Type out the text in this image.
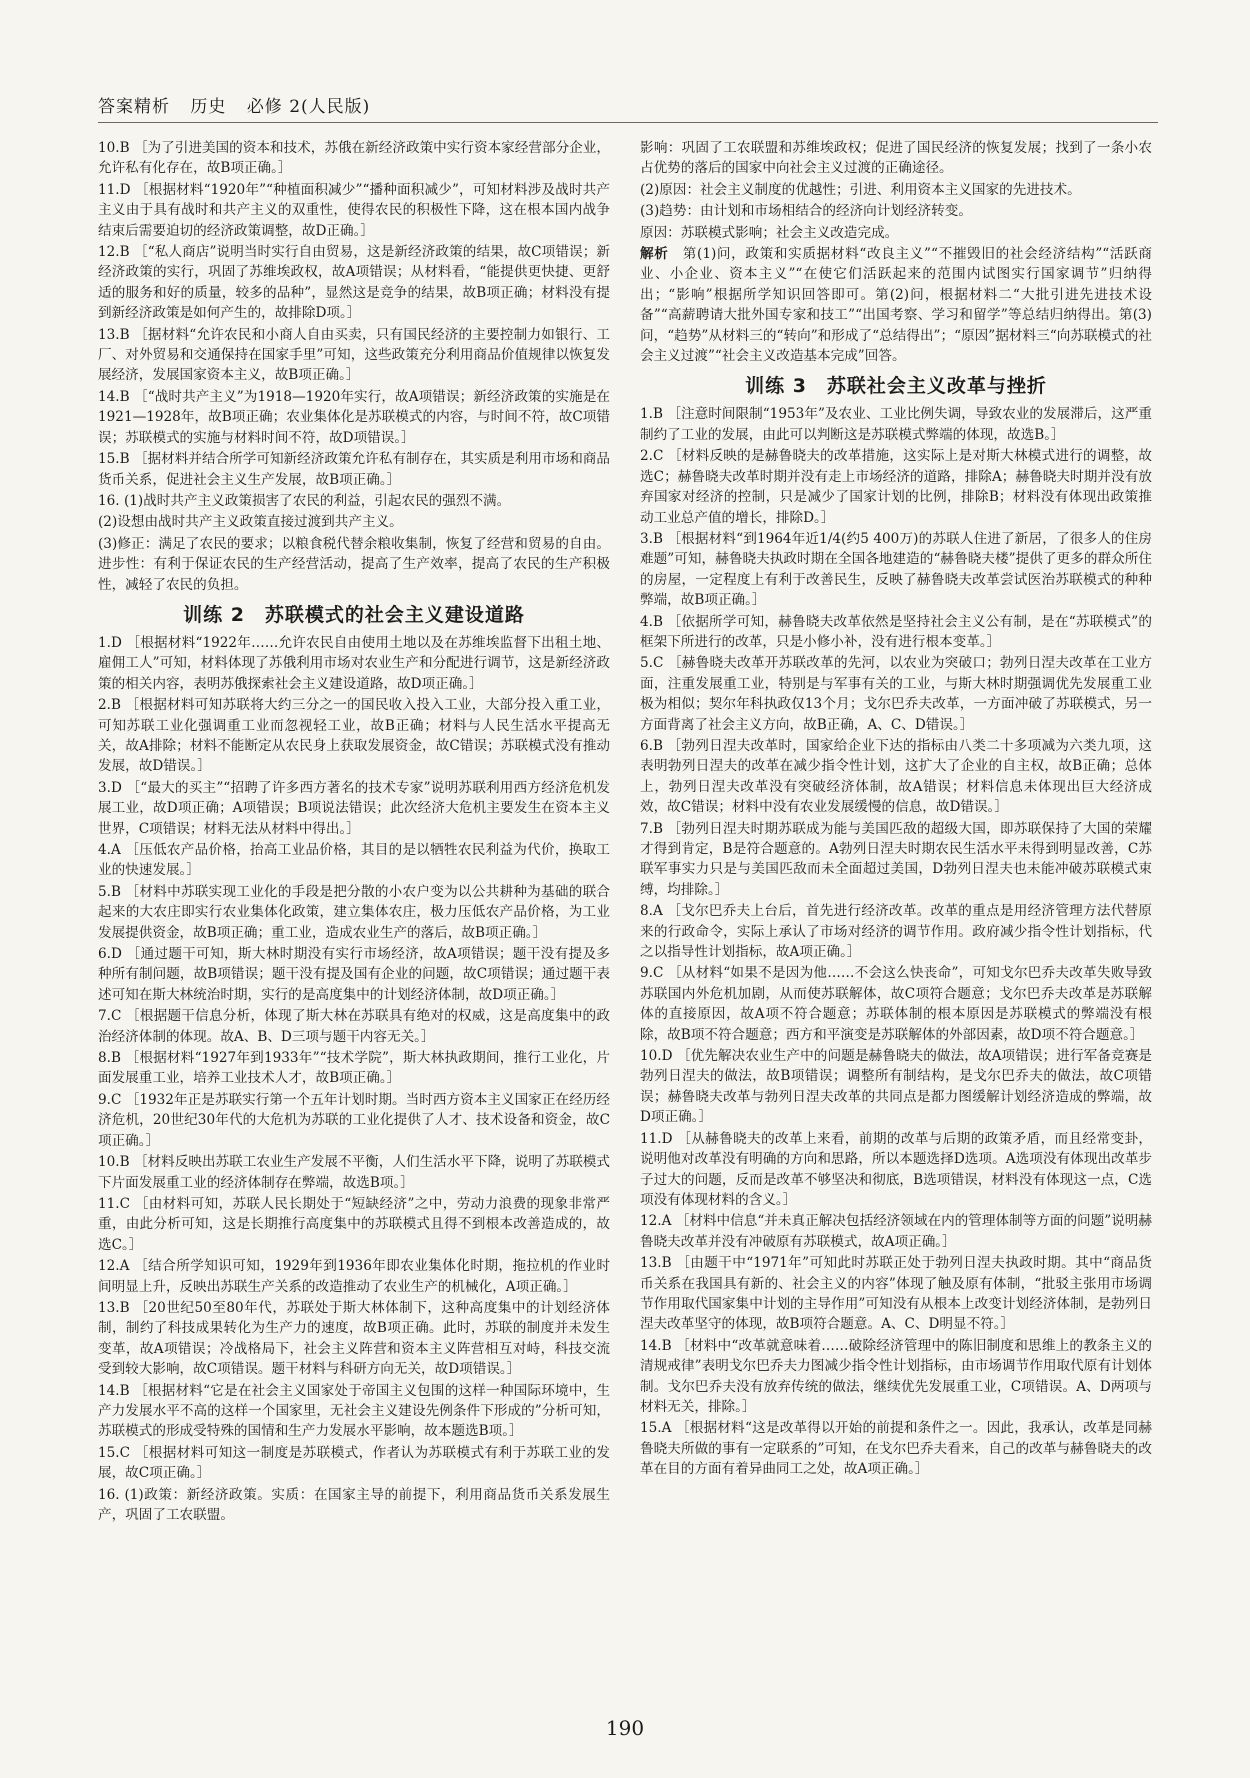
答案精析 历史 必修 2(人民版)
10.B ［为了引进美国的资本和技术，苏俄在新经济政策中实行资本家经营部分企业，允许私有化存在，故B项正确。］
11.D ［根据材料“1920年”“种植面积减少”“播种面积减少”，可知材料涉及战时共产主义由于具有战时和共产主义的双重性，使得农民的积极性下降，这在根本国内战争结束后需要迫切的经济政策调整，故D正确。］
12.B ［“私人商店”说明当时实行自由贸易，这是新经济政策的结果，故C项错误；新经济政策的实行，巩固了苏维埃政权，故A项错误；从材料看，“能提供更快捷、更舒适的服务和好的质量，较多的品种”，显然这是竞争的结果，故B项正确；材料没有提到新经济政策是如何产生的，故排除D项。］
13.B ［据材料“允许农民和小商人自由买卖，只有国民经济的主要控制力如银行、工厂、对外贸易和交通保持在国家手里”可知，这些政策充分利用商品价值规律以恢复发展经济，发展国家资本主义，故B项正确。］
14.B ［“战时共产主义”为1918—1920年实行，故A项错误；新经济政策的实施是在1921—1928年，故B项正确；农业集体化是苏联模式的内容，与时间不符，故C项错误；苏联模式的实施与材料时间不符，故D项错误。］
15.B ［据材料并结合所学可知新经济政策允许私有制存在，其实质是利用市场和商品货币关系，促进社会主义生产发展，故B项正确。］
16. (1)战时共产主义政策损害了农民的利益，引起农民的强烈不满。
(2)设想由战时共产主义政策直接过渡到共产主义。
(3)修正：满足了农民的要求；以粮食税代替余粮收集制，恢复了经营和贸易的自由。进步性：有利于保证农民的生产经营活动，提高了生产效率，提高了农民的生产积极性，减轻了农民的负担。
训练 2　苏联模式的社会主义建设道路
1.D ［根据材料“1922年……允许农民自由使用土地以及在苏维埃监督下出租土地、雇佣工人”可知，材料体现了苏俄利用市场对农业生产和分配进行调节，这是新经济政策的相关内容，表明苏俄探索社会主义建设道路，故D项正确。］
2.B ［根据材料可知苏联将大约三分之一的国民收入投入工业，大部分投入重工业，可知苏联工业化强调重工业而忽视轻工业，故B正确；材料与人民生活水平提高无关，故A排除；材料不能断定从农民身上获取发展资金，故C错误；苏联模式没有推动发展，故D错误。］
3.D ［“最大的买主”“招聘了许多西方著名的技术专家”说明苏联利用西方经济危机发展工业，故D项正确；A项错误；B项说法错误；此次经济大危机主要发生在资本主义世界，C项错误；材料无法从材料中得出。］
4.A ［压低农产品价格，抬高工业品价格，其目的是以牺牲农民利益为代价，换取工业的快速发展。］
5.B ［材料中苏联实现工业化的手段是把分散的小农户变为以公共耕种为基础的联合起来的大农庄即实行农业集体化政策，建立集体农庄，极力压低农产品价格，为工业发展提供资金，故B项正确；重工业，造成农业生产的落后，故B项正确。］
6.D ［通过题干可知，斯大林时期没有实行市场经济，故A项错误；题干没有提及多种所有制问题，故B项错误；题干没有提及国有企业的问题，故C项错误；通过题干表述可知在斯大林统治时期，实行的是高度集中的计划经济体制，故D项正确。］
7.C ［根据题干信息分析，体现了斯大林在苏联具有绝对的权威，这是高度集中的政治经济体制的体现。故A、B、D三项与题干内容无关。］
8.B ［根据材料“1927年到1933年”“技术学院”，斯大林执政期间，推行工业化，片面发展重工业，培养工业技术人才，故B项正确。］
9.C ［1932年正是苏联实行第一个五年计划时期。当时西方资本主义国家正在经历经济危机，20世纪30年代的大危机为苏联的工业化提供了人才、技术设备和资金，故C项正确。］
10.B ［材料反映出苏联工农业生产发展不平衡，人们生活水平下降，说明了苏联模式下片面发展重工业的经济体制存在弊端，故选B项。］
11.C ［由材料可知，苏联人民长期处于“短缺经济”之中，劳动力浪费的现象非常严重，由此分析可知，这是长期推行高度集中的苏联模式且得不到根本改善造成的，故选C。］
12.A ［结合所学知识可知，1929年到1936年即农业集体化时期，拖拉机的作业时间明显上升，反映出苏联生产关系的改造推动了农业生产的机械化，A项正确。］
13.B ［20世纪50至80年代，苏联处于斯大林体制下，这种高度集中的计划经济体制，制约了科技成果转化为生产力的速度，故B项正确。此时，苏联的制度并未发生变革，故A项错误；冷战格局下，社会主义阵营和资本主义阵营相互对峙，科技交流受到较大影响，故C项错误。题干材料与科研方向无关，故D项错误。］
14.B ［根据材料“它是在社会主义国家处于帝国主义包围的这样一种国际环境中，生产力发展水平不高的这样一个国家里，无社会主义建设先例条件下形成的”分析可知，苏联模式的形成受特殊的国情和生产力发展水平影响，故本题选B项。］
15.C ［根据材料可知这一制度是苏联模式，作者认为苏联模式有利于苏联工业的发展，故C项正确。］
16. (1)政策：新经济政策。实质：在国家主导的前提下，利用商品货币关系发展生产，巩固了工农联盟。
影响：巩固了工农联盟和苏维埃政权；促进了国民经济的恢复发展；找到了一条小农占优势的落后的国家中向社会主义过渡的正确途径。
(2)原因：社会主义制度的优越性；引进、利用资本主义国家的先进技术。
(3)趋势：由计划和市场相结合的经济向计划经济转变。
原因：苏联模式影响；社会主义改造完成。
解析　第(1)问，政策和实质据材料“改良主义”“不摧毁旧的社会经济结构”“活跃商业、小企业、资本主义”“在使它们活跃起来的范围内试图实行国家调节”归纳得出；“影响”根据所学知识回答即可。第(2)问，根据材料二“大批引进先进技术设备”“高薪聘请大批外国专家和技工”“出国考察、学习和留学”等总结归纳得出。第(3)问，“趋势”从材料三的“转向”和形成了“总结得出”；“原因”据材料三“向苏联模式的社会主义过渡”“社会主义改造基本完成”回答。
训练 3　苏联社会主义改革与挫折
1.B ［注意时间限制“1953年”及农业、工业比例失调，导致农业的发展滞后，这严重制约了工业的发展，由此可以判断这是苏联模式弊端的体现，故选B。］
2.C ［材料反映的是赫鲁晓夫的改革措施，这实际上是对斯大林模式进行的调整，故选C；赫鲁晓夫改革时期并没有走上市场经济的道路，排除A；赫鲁晓夫时期并没有放弃国家对经济的控制，只是减少了国家计划的比例，排除B；材料没有体现出政策推动工业总产值的增长，排除D。］
3.B ［根据材料“到1964年近1/4(约5 400万)的苏联人住进了新居，了很多人的住房难题”可知，赫鲁晓夫执政时期在全国各地建造的“赫鲁晓夫楼”提供了更多的群众所住的房屋，一定程度上有利于改善民生，反映了赫鲁晓夫改革尝试医治苏联模式的种种弊端，故B项正确。］
4.B ［依据所学可知，赫鲁晓夫改革依然是坚持社会主义公有制，是在“苏联模式”的框架下所进行的改革，只是小修小补，没有进行根本变革。］
5.C ［赫鲁晓夫改革开苏联改革的先河，以农业为突破口；勃列日涅夫改革在工业方面，注重发展重工业，特别是与军事有关的工业，与斯大林时期强调优先发展重工业极为相似；契尔年科执政仅13个月；戈尔巴乔夫改革，一方面冲破了苏联模式，另一方面背离了社会主义方向，故B正确，A、C、D错误。］
6.B ［勃列日涅夫改革时，国家给企业下达的指标由八类二十多项减为六类九项，这表明勃列日涅夫的改革在减少指令性计划，这扩大了企业的自主权，故B正确；总体上，勃列日涅夫改革没有突破经济体制，故A错误；材料信息未体现出巨大经济成效，故C错误；材料中没有农业发展缓慢的信息，故D错误。］
7.B ［勃列日涅夫时期苏联成为能与美国匹敌的超级大国，即苏联保持了大国的荣耀才得到肯定，B是符合题意的。A勃列日涅夫时期农民生活水平未得到明显改善，C苏联军事实力只是与美国匹敌而未全面超过美国，D勃列日涅夫也未能冲破苏联模式束缚，均排除。］
8.A ［戈尔巴乔夫上台后，首先进行经济改革。改革的重点是用经济管理方法代替原来的行政命令，实际上承认了市场对经济的调节作用。政府减少指令性计划指标，代之以指导性计划指标，故A项正确。］
9.C ［从材料“如果不是因为他……不会这么快丧命”，可知戈尔巴乔夫改革失败导致苏联国内外危机加剧，从而使苏联解体，故C项符合题意；戈尔巴乔夫改革是苏联解体的直接原因，故A项不符合题意；苏联体制的根本原因是苏联模式的弊端没有根除，故B项不符合题意；西方和平演变是苏联解体的外部因素，故D项不符合题意。］
10.D ［优先解决农业生产中的问题是赫鲁晓夫的做法，故A项错误；进行军备竞赛是勃列日涅夫的做法，故B项错误；调整所有制结构，是戈尔巴乔夫的做法，故C项错误；赫鲁晓夫改革与勃列日涅夫改革的共同点是都力图缓解计划经济造成的弊端，故D项正确。］
11.D ［从赫鲁晓夫的改革上来看，前期的改革与后期的政策矛盾，而且经常变卦，说明他对改革没有明确的方向和思路，所以本题选择D选项。A选项没有体现出改革步子过大的问题，反而是改革不够坚决和彻底，B选项错误，材料没有体现这一点，C选项没有体现材料的含义。］
12.A ［材料中信息“并未真正解决包括经济领域在内的管理体制等方面的问题”说明赫鲁晓夫改革并没有冲破原有苏联模式，故A项正确。］
13.B ［由题干中“1971年”可知此时苏联正处于勃列日涅夫执政时期。其中“商品货币关系在我国具有新的、社会主义的内容”体现了触及原有体制，“批驳主张用市场调节作用取代国家集中计划的主导作用”可知没有从根本上改变计划经济体制，是勃列日涅夫改革坚守的体现，故B项符合题意。A、C、D明显不符。］
14.B ［材料中“改革就意味着……破除经济管理中的陈旧制度和思维上的教条主义的清规戒律”表明戈尔巴乔夫力图减少指令性计划指标，由市场调节作用取代原有计划体制。戈尔巴乔夫没有放弃传统的做法，继续优先发展重工业，C项错误。A、D两项与材料无关，排除。］
15.A ［根据材料“这是改革得以开始的前提和条件之一。因此，我承认，改革是同赫鲁晓夫所做的事有一定联系的”可知，在戈尔巴乔夫看来，自己的改革与赫鲁晓夫的改革在目的方面有着异曲同工之处，故A项正确。］
190
